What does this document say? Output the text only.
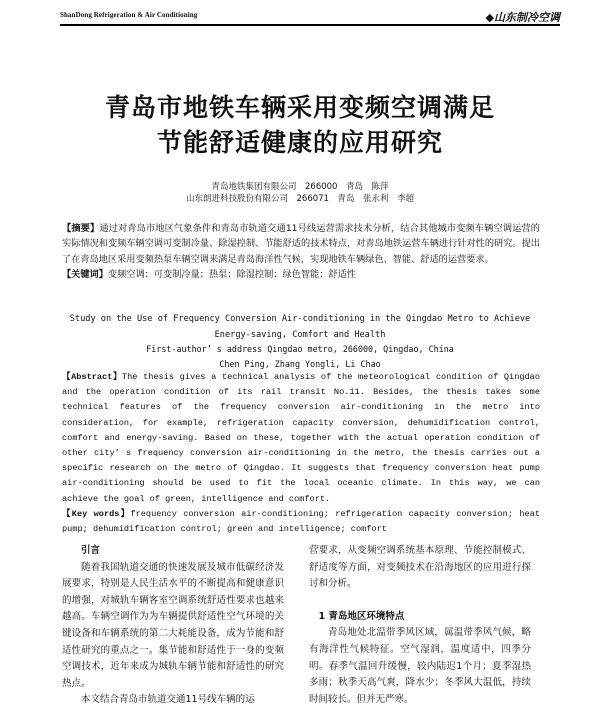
ShanDong Refrigeration & Air Conditioning	◆山东制冷空调
青岛市地铁车辆采用变频空调满足
节能舒适健康的应用研究
青岛地铁集团有限公司　266000　青岛　陈萍
山东朗进科技股份有限公司　266071　青岛　张永利　李超
【摘要】通过对青岛市地区气象条件和青岛市轨道交通11号线运营需求技术分析，结合其他城市变频车辆空调运营的实际情况和变频车辆空调可变制冷量、除湿控制、节能舒适的技术特点，对青岛地铁运营车辆进行针对性的研究。提出了在青岛地区采用变频热泵车辆空调来满足青岛海洋性气候，实现地铁车辆绿色、智能、舒适的运营要求。
【关键词】变频空调；可变制冷量；热泵；除湿控制；绿色智能；舒适性
Study on the Use of Frequency Conversion Air-conditioning in the Qingdao Metro to Achieve
Energy-saving, Comfort and Health
First-author’ s address Qingdao metro, 266000, Qingdao, China
Chen Ping, Zhang Yongli, Li Chao
【Abstract】The thesis gives a technical analysis of the meteorological condition of Qingdao and the operation condition of its rail transit No.11. Besides, the thesis takes some technical features of the frequency conversion air-conditioning in the metro into consideration, for example, refrigeration capacity conversion, dehumidification control, comfort and energy-saving. Based on these, together with the actual operation condition of other city’ s frequency conversion air-conditioning in the metro, the thesis carries out a specific research on the metro of Qingdao. It suggests that frequency conversion heat pump air-conditioning should be used to fit the local oceanic climate. In this way, we can achieve the goal of green, intelligence and comfort.
【Key words】frequency conversion air-conditioning; refrigeration capacity conversion; heat pump; dehumidification control; green and intelligence; comfort

引言

随着我国轨道交通的快速发展及城市低碳经济发展要求，特别是人民生活水平的不断提高和健康意识的增强，对城轨车辆客室空调系统舒适性要求也越来越高。车辆空调作为为车辆提供舒适性空气环境的关键设备和车辆系统的第二大耗能设备，成为节能和舒适性研究的重点之一。集节能和舒适性于一身的变频空调技术，近年来成为城轨车辆节能和舒适性的研究热点。

本文结合青岛市轨道交通11号线车辆的运

营要求，从变频空调系统基本原理、节能控制模式、舒适度等方面，对变频技术在沿海地区的应用进行探讨和分析。

1 青岛地区环境特点

青岛地处北温带季风区域，属温带季风气候，略有海洋性气候特征。空气湿润，温度适中，四季分明。春季气温回升缓慢，较内陆迟1个月；夏季湿热多雨；秋季天高气爽，降水少；冬季风大温低，持续时间较长。但并无严寒。
